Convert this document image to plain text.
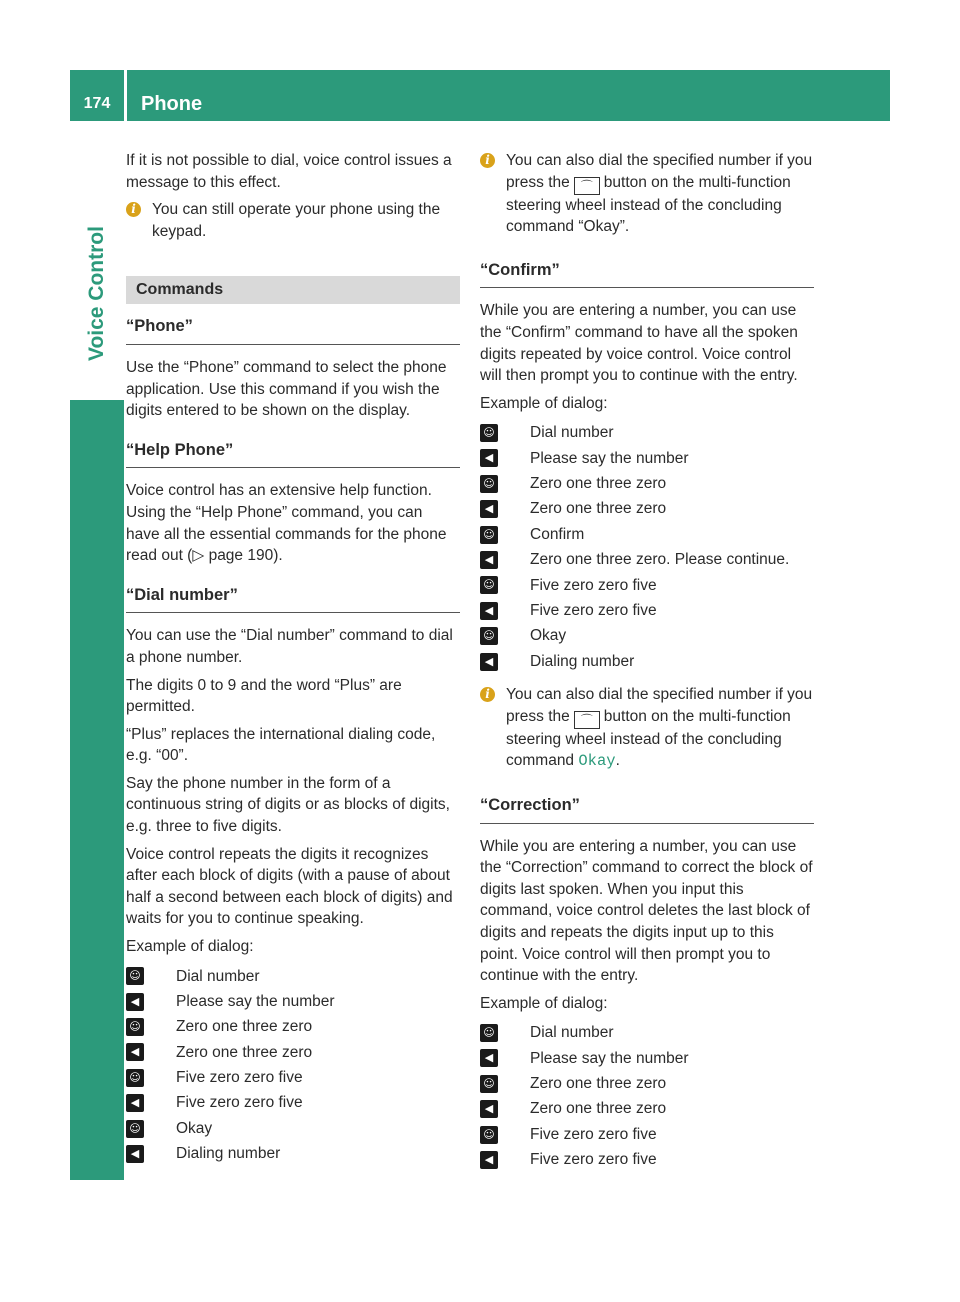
174	Phone
Voice Control

If it is not possible to dial, voice control issues a message to this effect.

i	You can still operate your phone using the keypad.
Commands
“Phone”

Use the “Phone” command to select the phone application. Use this command if you wish the digits entered to be shown on the display.

“Help Phone”

Voice control has an extensive help function. Using the “Help Phone” command, you can have all the essential commands for the phone read out (▷ page 190).

“Dial number”

You can use the “Dial number” command to dial a phone number.

The digits 0 to 9 and the word “Plus” are permitted.

“Plus” replaces the international dialing code, e.g. “00”.

Say the phone number in the form of a continuous string of digits or as blocks of digits, e.g. three to five digits.

Voice control repeats the digits it recognizes after each block of digits (with a pause of about half a second between each block of digits) and waits for you to continue speaking.

Example of dialog:

☺ Dial number
◀	Please say the number
☺ Zero one three zero
◀	Zero one three zero
☺ Five zero zero five
◀	Five zero zero five
☺ Okay
◀	Dialing number
i	You can also dial the specified number if you press the ⌒ button on the multi-function steering wheel instead of the concluding command “Okay”.
“Confirm”

While you are entering a number, you can use the “Confirm” command to have all the spoken digits repeated by voice control. Voice control will then prompt you to continue with the entry.

Example of dialog:

☺ Dial number
◀	Please say the number
☺ Zero one three zero
◀	Zero one three zero
☺ Confirm
◀	Zero one three zero. Please continue.
☺ Five zero zero five
◀	Five zero zero five
☺ Okay
◀	Dialing number
i	You can also dial the specified number if you press the ⌒ button on the multi-function steering wheel instead of the concluding command Okay.
“Correction”

While you are entering a number, you can use the “Correction” command to correct the block of digits last spoken. When you input this command, voice control deletes the last block of digits and repeats the digits input up to this point. Voice control will then prompt you to continue with the entry.

Example of dialog:

☺ Dial number
◀	Please say the number
☺ Zero one three zero
◀	Zero one three zero
☺ Five zero zero five
◀	Five zero zero five
